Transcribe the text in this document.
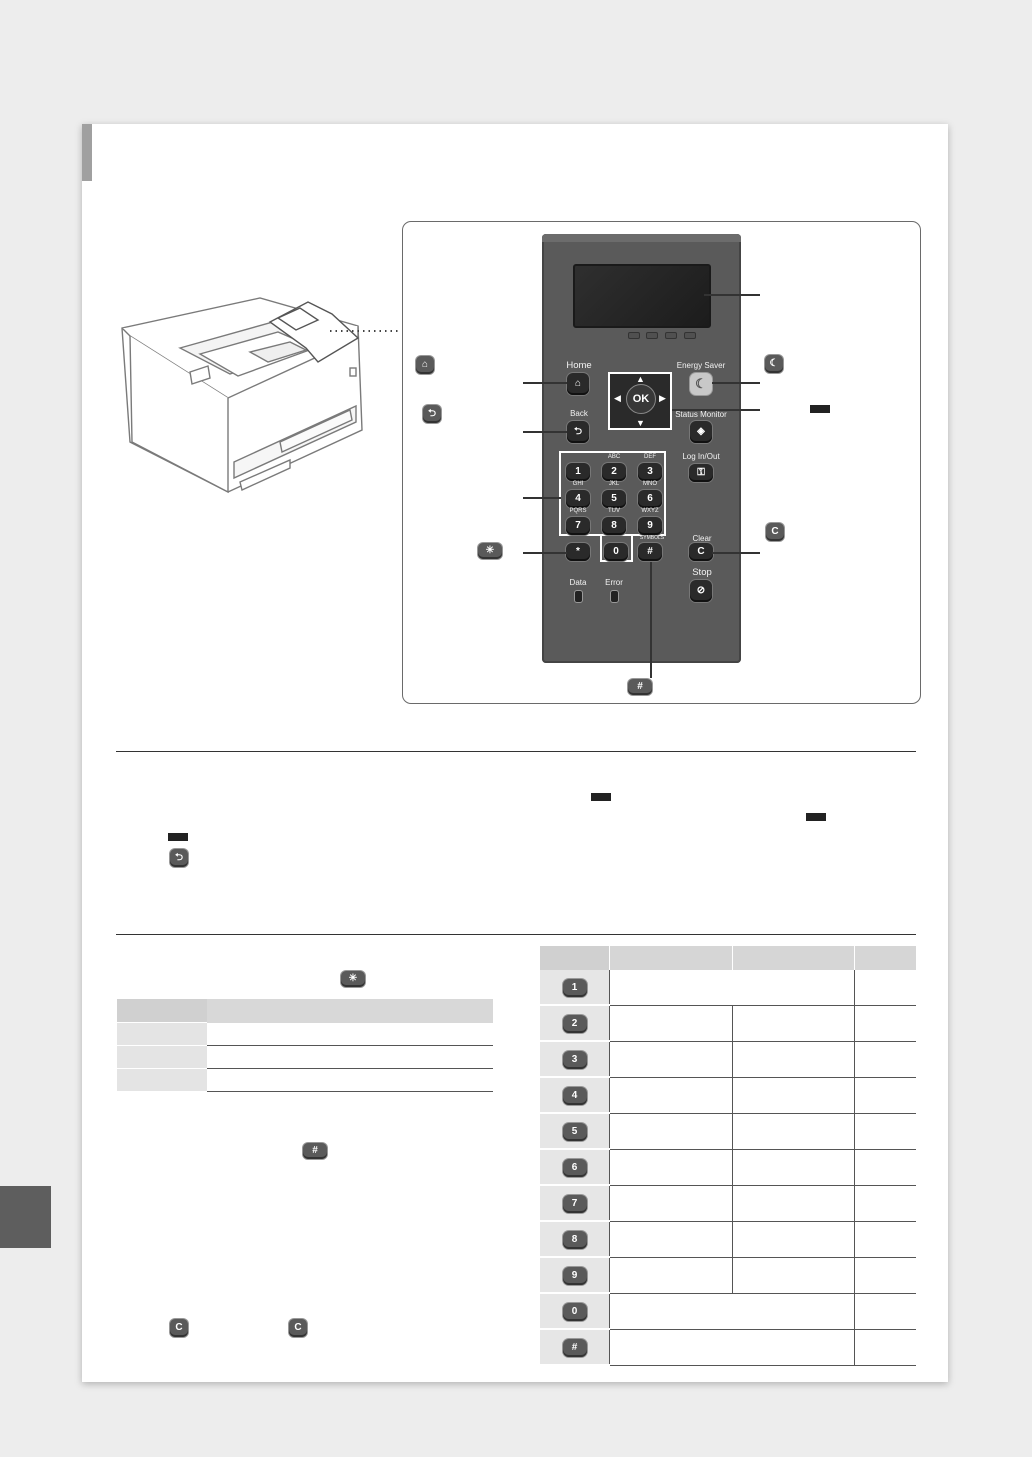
Home
⌂
Back
⮌
▲
▼
◀	▶
OK
Energy Saver
☾
Status Monitor
◈
Log In/Out
⚿
ABC	DEF
1	2	3
GHI	JKL	MNO
4	5	6
PQRS	TUV	WXYZ
7	8	9
*	0
SYMBOLS
#
Clear
C
Stop
⊘
Data	Error
⌂
⮌
✳
☾
C
#
⮌
✳

#
C	C

1			
2			
3			
4			
5			
6			
7			
8			
9			
0			
#			
